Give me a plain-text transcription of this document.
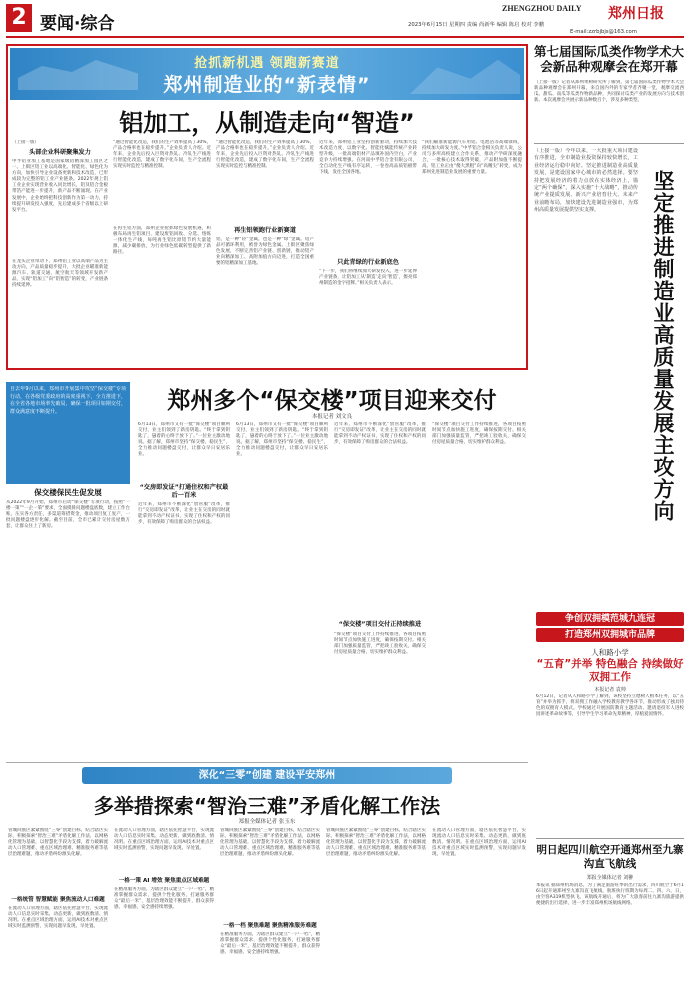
2 要闻·综合
ZHENGZHOU DAILY 郑州日报
2023年6月15日 星期四 责编 尚新华 编辑 陈启 校对 李鹏
E-mail:zzrbjbjs@163.com
抢抓新机遇 领跑新赛道
郑州制造业的“新表情”
铝加工，从制造走向“智造”
（上接一版）
头部企业科研聚集发力
中孚铝业加工基地是国家级铝精深加工园区之一。上街区铝工业以高端化、智能化、绿色化为方向，加快引导企业设备更新和技术改造，已形成较为完整的铝工业产业链条。2022年规上铝工业企业实现营业收入同比增长，铝及铝合金板带箔产能进一步提升，新产品不断涌现。在产业发展中，企业始终把科技创新作为第一动力，持续提升研发投入强度，先后建成多个省级以上研发平台。
在龙头企业带动下，郑州铝工业以高端产品为主攻方向，产品质量稳步提升，大批企业瞄准新能源汽车、轨道交通、航空航天等领域开发新产品，实现“铝加工”向“铝智造”的转变，产业链条持续延伸。
“通过智能化改造，我们的生产效率提高了30%，产品合格率也在稳步提升。”企业负责人介绍。近年来，企业先后投入巨资对热轧、冷轧生产线进行智能化改造，建成了数字化车间，生产全流程实现实时监控与精准控制。
在再生铝方面，郑州企业抢抓绿色发展机遇，积极布局再生铝项目，建设废铝回收、分选、熔炼一体化生产线，每吨再生铝比原铝节约大量能源，减少碳排放，为行业绿色低碳转型提供了新路径。
“通过智能化改造，我们的生产效率提高了30%，产品合格率也在稳步提升。”企业负责人介绍。近年来，企业先后投入巨资对热轧、冷轧生产线进行智能化改造，建成了数字化车间，生产全流程实现实时监控与精准控制。
再生铝领跑行业新赛道
铝，是一种“轻”金属，也是一种“绿”金属。铝产品可循环利用，被誉为绿色金属。上街区聚焦绿色发展，不断完善铝产业链、创新链，推动铝产业向精深加工、高附加值方向迈进，打造全国重要的铝精深加工基地。
近年来，郑州铝工业坚持创新驱动，持续加大技术改造力度，以数字化、智能化赋能传统产业转型升级，一批高端铝材产品填补国内空白，产业竞争力持续增强。在河南中孚铝合金有限公司，全自动化生产线有序运转，一卷卷高品质铝板带下线，发往全国各地。
只此青绿的行业新底色
“下一步，我们将继续加大研发投入，进一步延伸产业链条，让铝加工从‘制造’走向‘智造’，擦亮郑州制造的金字招牌。”相关负责人表示。
“我们瞄准新能源汽车用铝、电池箔等高端领域，持续加大研发力度。”中孚铝合金相关负责人说，公司与多所高校建立合作关系，推动产学研深度融合，一批核心技术取得突破，产品附加值不断提高。铝工业正由“傻大黑粗”向“高精尖”转变，成为郑州先进制造业发展的重要力量。
第七届国际瓜类作物学术大会新品种观摩会在郑开幕
（上接一版）记者从郑州果树研究所了解到，第七届国际瓜类作物学术大会新品种观摩会在郑州开幕，来自国内外的专家学者齐聚一堂，观摩交流西瓜、甜瓜、南瓜等瓜类作物新品种，共同探讨瓜类产业的发展方向与技术创新。本次观摩会共展示新品种数百个，涉及多种类型。
（上接一版）今年以来，一大批重大项目建设有序推进，全市制造业投资保持较快增长，工业经济运行稳中向好。坚定推进制造业高质量发展，是建设国家中心城市的必然选择。要坚持把发展经济的着力点放在实体经济上，锚定“两个确保”，深入实施“十大战略”，推动传统产业提质发展、新兴产业培育壮大、未来产业前瞻布局，加快建设先进制造业强市，为郑州高质量发展提供坚实支撑。	坚定推进制造业高质量发展主攻方向
自去年9月以来，郑州市开展集中攻坚“保交楼”专项行动，在各级党委政府的高度重视下，全力推进下，在全省各地市场率先破局，确保一批项目如期交付，群众满意度不断提升。
保交楼保民生促发展
从2022年9月开始，郑州市启动“保交楼”专项行动，按照“一楼一策”“一企一策”要求，全面摸排问题楼盘底数，建立工作台账，压实各方责任，多渠道筹措资金，推动项目复工复产，一批问题楼盘逐步化解。截至目前，全市已累计交付房屋数万套，让群众住上了新房。
郑州多个“保交楼”项目迎来交付
本报记者 刘文良
6月13日，郑州市又有一批“保交楼”项目顺利交付，业主们领到了新房钥匙。“终于拿到钥匙了，悬着的心终于放下了。”一位业主激动地说。据了解，郑州市坚持“保交楼、稳民生”，全力推动问题楼盘交付，让群众早日安居乐业。
“交房即发证”打通住权和产权最后一百米
近年来，郑州市不断深化“放管服”改革，推行“交房即发证”改革，让业主在交房的同时就能拿到不动产权证书，实现了住权和产权的同步，有效保障了购房群众的合法权益。
6月13日，郑州市又有一批“保交楼”项目顺利交付，业主们领到了新房钥匙。“终于拿到钥匙了，悬着的心终于放下了。”一位业主激动地说。据了解，郑州市坚持“保交楼、稳民生”，全力推动问题楼盘交付，让群众早日安居乐业。
近年来，郑州市不断深化“放管服”改革，推行“交房即发证”改革，让业主在交房的同时就能拿到不动产权证书，实现了住权和产权的同步，有效保障了购房群众的合法权益。
“保交楼”项目交付正持续推进
“保交楼”项目交付工作持续推进，各项目按照时间节点加快施工进度，确保按期交付。相关部门加强质量监管，严把竣工验收关，确保交付房屋质量合格，切实维护群众利益。
“保交楼”项目交付工作持续推进，各项目按照时间节点加快施工进度，确保按期交付。相关部门加强质量监管，严把竣工验收关，确保交付房屋质量合格，切实维护群众利益。
争创双拥模范城九连冠
打造郑州双拥城市品牌
人和路小学
“五育”并举 特色融合 持续做好双拥工作
本报记者 袁帅
6月12日，记者从人和路小学了解到，该校坚持立德树人根本任务，以“五育”并举为抓手，将双拥工作融入学校教育教学各环节，推动形成了独具特色的双拥育人模式。学校通过开展国防教育主题活动、邀请退役军人进校园讲述革命故事等，引导学生学习革命先辈精神，厚植爱国情怀。
深化“三零”创建 建设平安郑州
多举措探索“智治三难”矛盾化解工作法
郑报全媒体记者 张玉东
管城回族区紧紧围绕“三零”创建目标，结合辖区实际，积极探索“智治三难”矛盾化解工作法，以网格化管理为基础，以智慧化手段为支撑，着力破解流动人口管理难、重点区域治理难、精准服务难等基层治理难题，推动矛盾纠纷源头化解。
一格统管 智慧赋能 聚焦流动人口难题
在流动人口管理方面，辖区依托智慧平台，实现流动人口信息实时采集、动态更新，做到底数清、情况明。在重点区域治理方面，运用AI技术对重点区域实时监测预警，实现问题早发现、早处置。
在流动人口管理方面，辖区依托智慧平台，实现流动人口信息实时采集、动态更新，做到底数清、情况明。在重点区域治理方面，运用AI技术对重点区域实时监测预警，实现问题早发现、早处置。
一格一策 AI 增效 聚焦重点区域难题
在精准服务方面，为辖区群众建立“一户一档”，精准掌握群众需求，提供个性化服务，打通服务群众“最后一米”，基层治理效能不断提升，群众获得感、幸福感、安全感持续增强。
管城回族区紧紧围绕“三零”创建目标，结合辖区实际，积极探索“智治三难”矛盾化解工作法，以网格化管理为基础，以智慧化手段为支撑，着力破解流动人口管理难、重点区域治理难、精准服务难等基层治理难题，推动矛盾纠纷源头化解。
一格一档 聚焦难题 聚焦精准服务难题
在精准服务方面，为辖区群众建立“一户一档”，精准掌握群众需求，提供个性化服务，打通服务群众“最后一米”，基层治理效能不断提升，群众获得感、幸福感、安全感持续增强。
管城回族区紧紧围绕“三零”创建目标，结合辖区实际，积极探索“智治三难”矛盾化解工作法，以网格化管理为基础，以智慧化手段为支撑，着力破解流动人口管理难、重点区域治理难、精准服务难等基层治理难题，推动矛盾纠纷源头化解。
在流动人口管理方面，辖区依托智慧平台，实现流动人口信息实时采集、动态更新，做到底数清、情况明。在重点区域治理方面，运用AI技术对重点区域实时监测预警，实现问题早发现、早处置。	明日起四川航空开通郑州至九寨沟直飞航线
郑报全媒体记者 刘翀
本报讯 据郑州机场消息，为了满足旅游旺季的出行需求，四川航空于6月16日起开通郑州至九寨沟直飞航线，航班执行班期为每周二、四、六、日，由空客A319机型执飞。该航线开通后，将为广大旅客前往九寨沟旅游提供便捷的出行选择，进一步丰富郑州机场航线网络。
